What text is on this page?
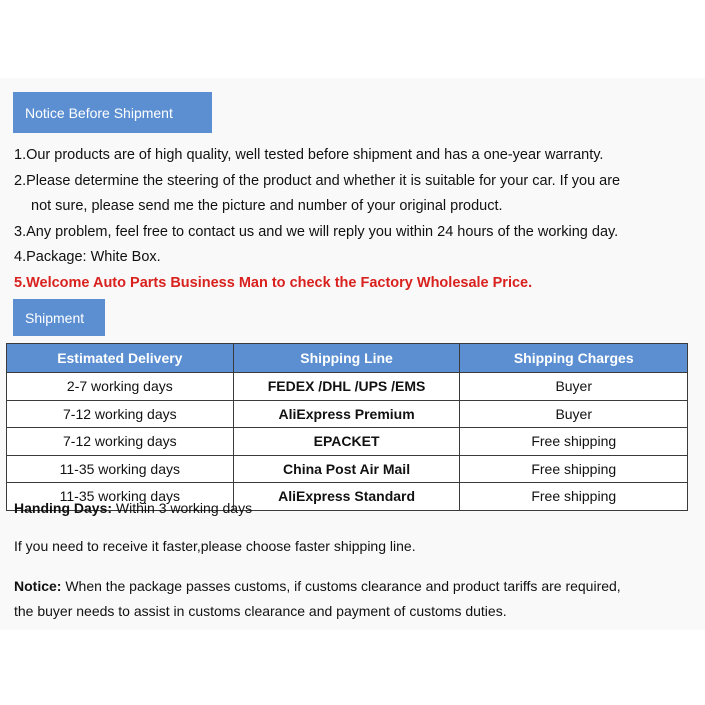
Notice Before Shipment
1.Our products are of high quality, well tested before shipment and has a one-year warranty.
2.Please determine the steering of the product and whether it is suitable for your car. If you are
not sure, please send me the picture and number of your original product.
3.Any problem, feel free to contact us and we will reply you within 24 hours of the working day.
4.Package: White Box.
5.Welcome Auto Parts Business Man to check the Factory Wholesale Price.
Shipment
Estimated Delivery	Shipping Line	Shipping Charges
2-7 working days	FEDEX /DHL /UPS /EMS	Buyer
7-12 working days	AliExpress Premium	Buyer
7-12 working days	EPACKET	Free shipping
11-35 working days	China Post Air Mail	Free shipping
11-35 working days	AliExpress Standard	Free shipping
Handing Days: Within 3 working days
If you need to receive it faster,please choose faster shipping line.
Notice: When the package passes customs, if customs clearance and product tariffs are required,
the buyer needs to assist in customs clearance and payment of customs duties.
